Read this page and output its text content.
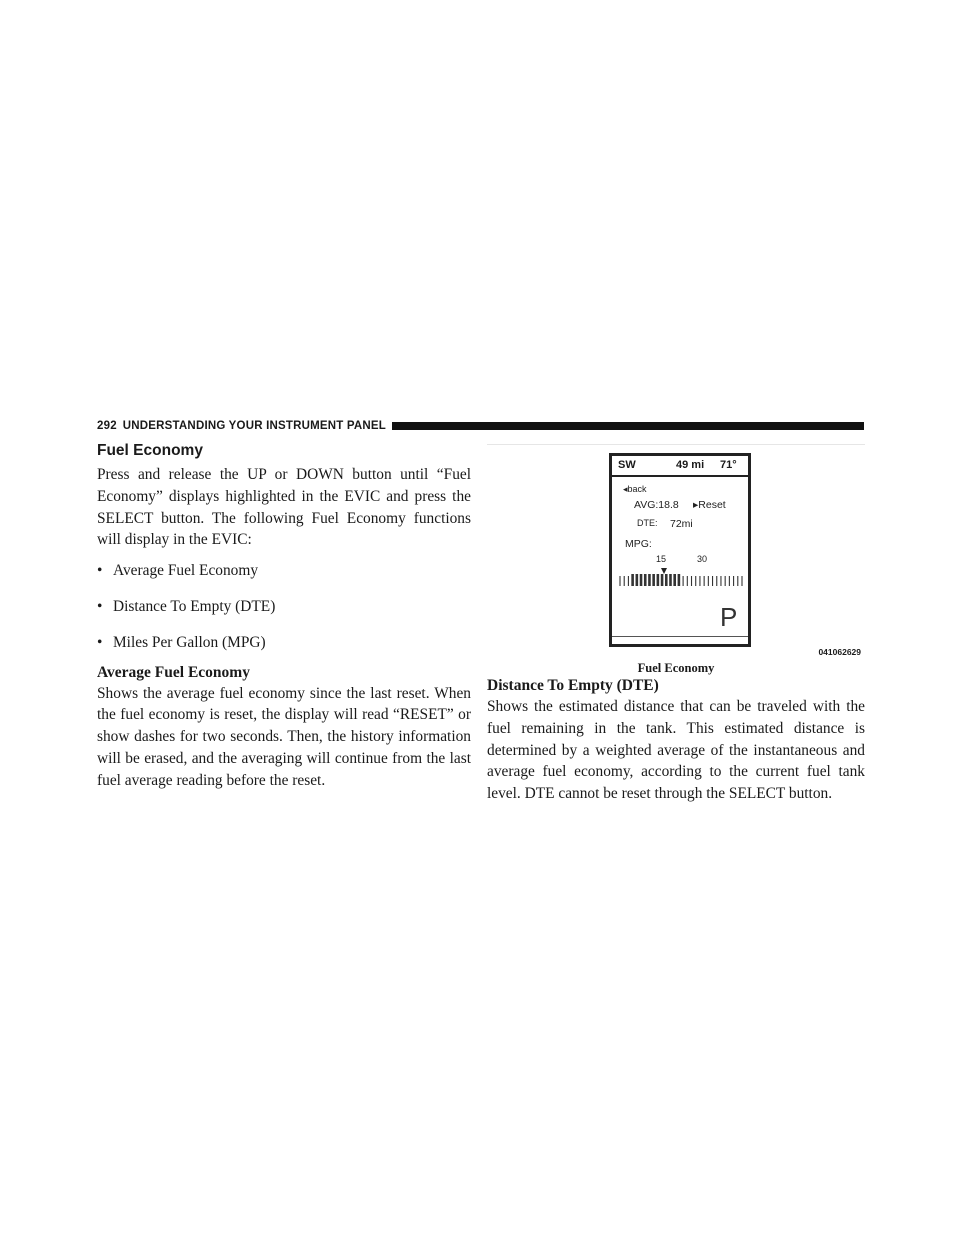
292 UNDERSTANDING YOUR INSTRUMENT PANEL
Fuel Economy

Press and release the UP or DOWN button until “Fuel Economy” displays highlighted in the EVIC and press the SELECT button. The following Fuel Economy functions will display in the EVIC:

• Average Fuel Economy
• Distance To Empty (DTE)
• Miles Per Gallon (MPG)
Average Fuel Economy

Shows the average fuel economy since the last reset. When the fuel economy is reset, the display will read “RESET” or show dashes for two seconds. Then, the history information will be erased, and the averaging will continue from the last fuel average reading before the reset.

SW	49 mi 71°
◂back
AVG:18.8 ▸Reset
DTE: 72mi
MPG:
15	30
P
041062629
Fuel Economy
Distance To Empty (DTE)

Shows the estimated distance that can be traveled with the fuel remaining in the tank. This estimated distance is determined by a weighted average of the instantaneous and average fuel economy, according to the current fuel tank level. DTE cannot be reset through the SELECT button.
